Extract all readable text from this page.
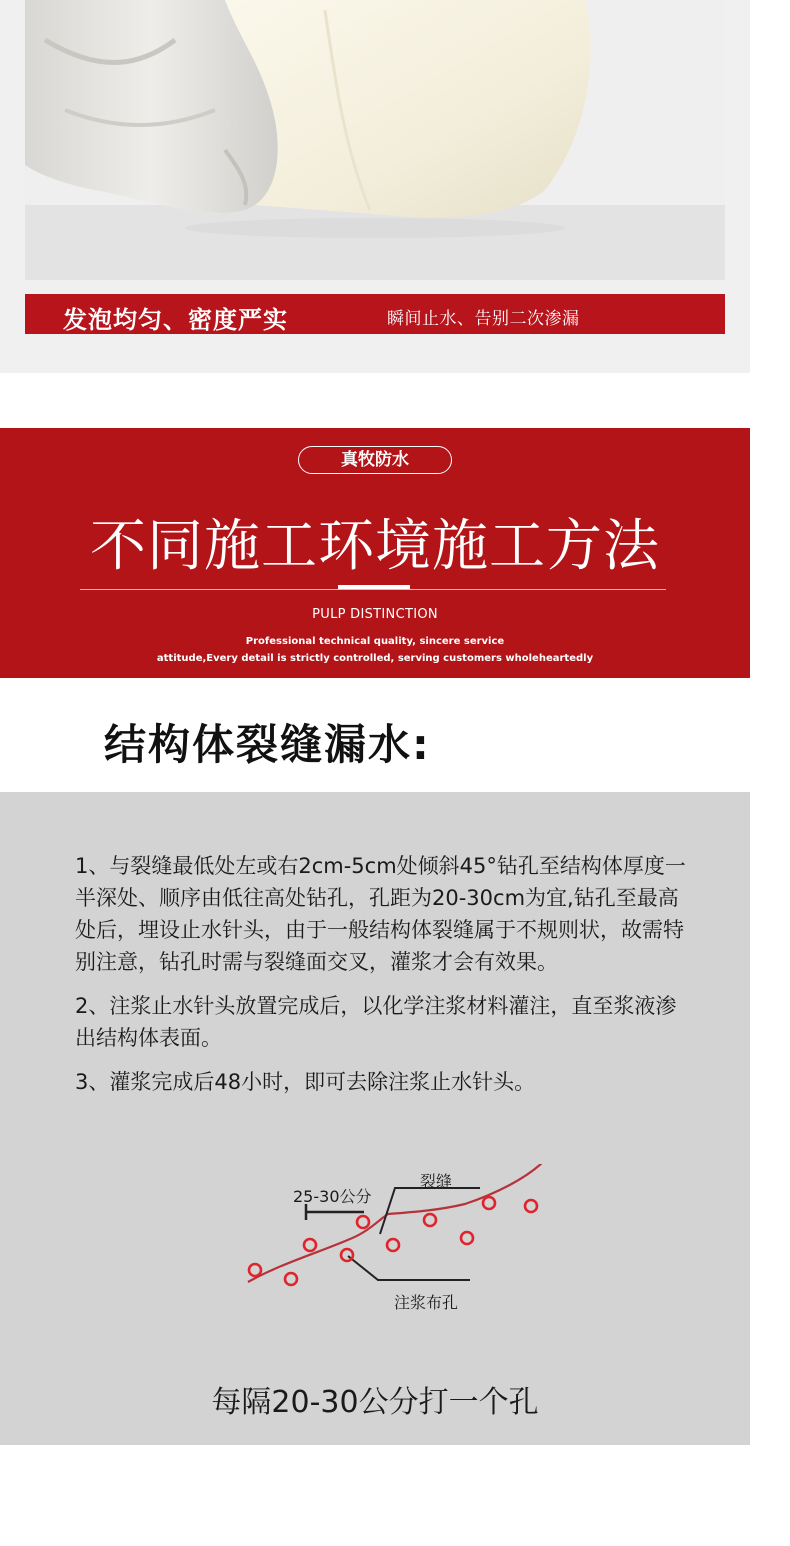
发泡均匀、密度严实	瞬间止水、告别二次渗漏
真牧防水
不同施工环境施工方法
PULP DISTINCTION
Professional technical quality, sincere service
attitude,Every detail is strictly controlled, serving customers wholeheartedly
结构体裂缝漏水:

1、与裂缝最低处左或右2cm-5cm处倾斜45°钻孔至结构体厚度一半深处、顺序由低往高处钻孔，孔距为20-30cm为宜,钻孔至最高处后，埋设止水针头，由于一般结构体裂缝属于不规则状，故需特别注意，钻孔时需与裂缝面交叉，灌浆才会有效果。

2、注浆止水针头放置完成后，以化学注浆材料灌注，直至浆液渗出结构体表面。

3、灌浆完成后48小时，即可去除注浆止水针头。

25-30公分
裂缝
注浆布孔
每隔20-30公分打一个孔
